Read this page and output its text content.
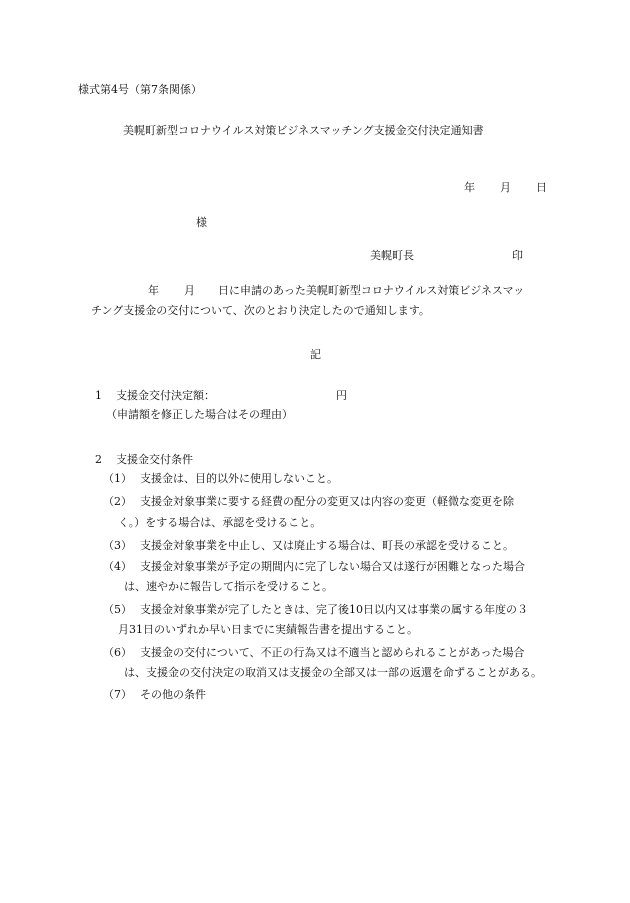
様式第4号（第7条関係）
美幌町新型コロナウイルス対策ビジネスマッチング支援金交付決定通知書
年 月 日
様
美幌町長	印
年 月 日に申請のあった美幌町新型コロナウイルス対策ビジネスマッ
チング支援金の交付について、次のとおり決定したので通知します。
記
1 支援金交付決定額：	円
（申請額を修正した場合はその理由）
2 支援金交付条件
（1） 支援金は、目的以外に使用しないこと。
（2） 支援金対象事業に要する経費の配分の変更又は内容の変更（軽微な変更を除
く。）をする場合は、承認を受けること。
（3） 支援金対象事業を中止し、又は廃止する場合は、町長の承認を受けること。
（4） 支援金対象事業が予定の期間内に完了しない場合又は遂行が困難となった場合
は、速やかに報告して指示を受けること。
（5） 支援金対象事業が完了したときは、完了後10日以内又は事業の属する年度の３
月31日のいずれか早い日までに実績報告書を提出すること。
（6） 支援金の交付について、不正の行為又は不適当と認められることがあった場合
は、支援金の交付決定の取消又は支援金の全部又は一部の返還を命ずることがある。
（7） その他の条件
